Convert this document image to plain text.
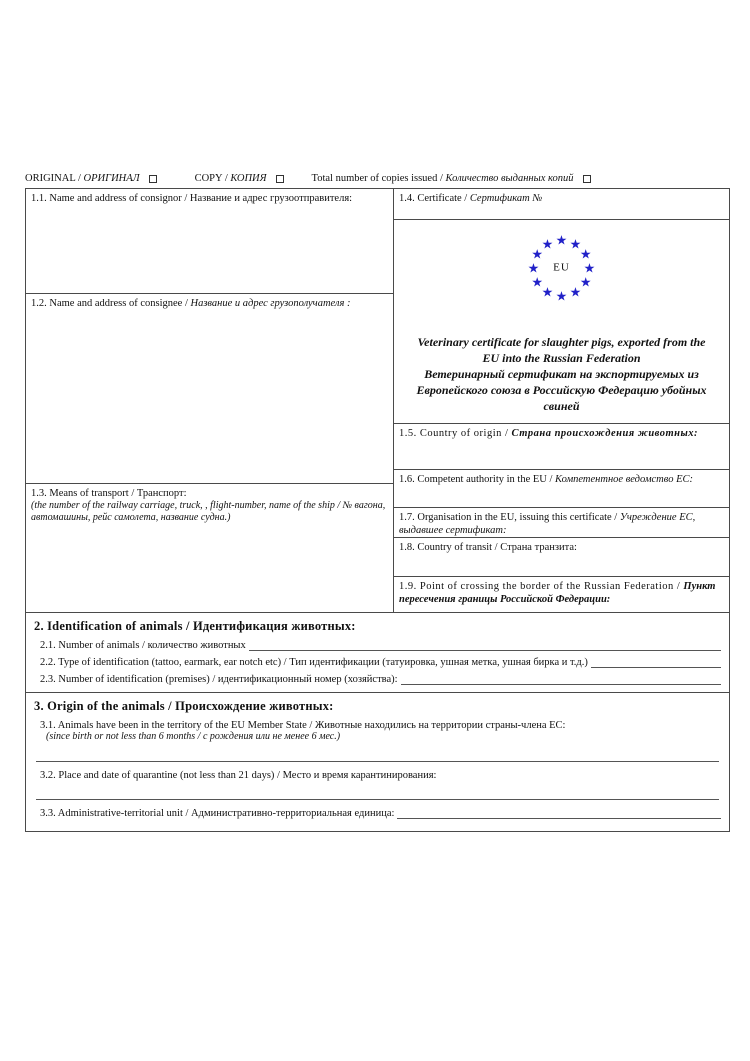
ORIGINAL / ОРИГИНАЛ	COPY / КОПИЯ	Total number of copies issued / Количество выданных копий
1.1. Name and address of consignor / Название и адрес грузоотправителя:
1.2. Name and address of consignee / Название и адрес грузополучателя :
1.3. Means of transport / Транспорт:
(the number of the railway carriage, truck, , flight-number, name of the ship / № вагона, автомашины, рейс самолета, название судна.)
1.4. Certificate / Сертификат №
★ ★
★
★
★
★
★
★
★
★
★
★
EU
Veterinary certificate for slaughter pigs, exported from the EU into the Russian Federation
Ветеринарный сертификат на экспортируемых из Европейского союза в Российскую Федерацию убойных свиней
1.5. Country of origin / Страна происхождения животных:
1.6. Competent authority in the EU / Компетентное ведомство ЕС:
1.7. Organisation in the EU, issuing this certificate / Учреждение ЕС, выдавшее сертификат:
1.8. Country of transit / Страна транзита:
1.9. Point of crossing the border of the Russian Federation / Пункт пересечения границы Российской Федерации:
2. Identification of animals / Идентификация животных:
2.1. Number of animals / количество животных
2.2. Type of identification (tattoo, earmark, ear notch etc) / Тип идентификации (татуировка, ушная метка, ушная бирка и т.д.)
2.3. Number of identification (premises) / идентификационный номер (хозяйства):
3. Origin of the animals / Происхождение животных:
3.1. Animals have been in the territory of the EU Member State / Животные находились на территории страны-члена ЕС:
(since birth or not less than 6 months / с рождения или не менее 6 мес.)
3.2. Place and date of quarantine (not less than 21 days) / Место и время карантинирования:
3.3. Administrative-territorial unit / Административно-территориальная единица:
